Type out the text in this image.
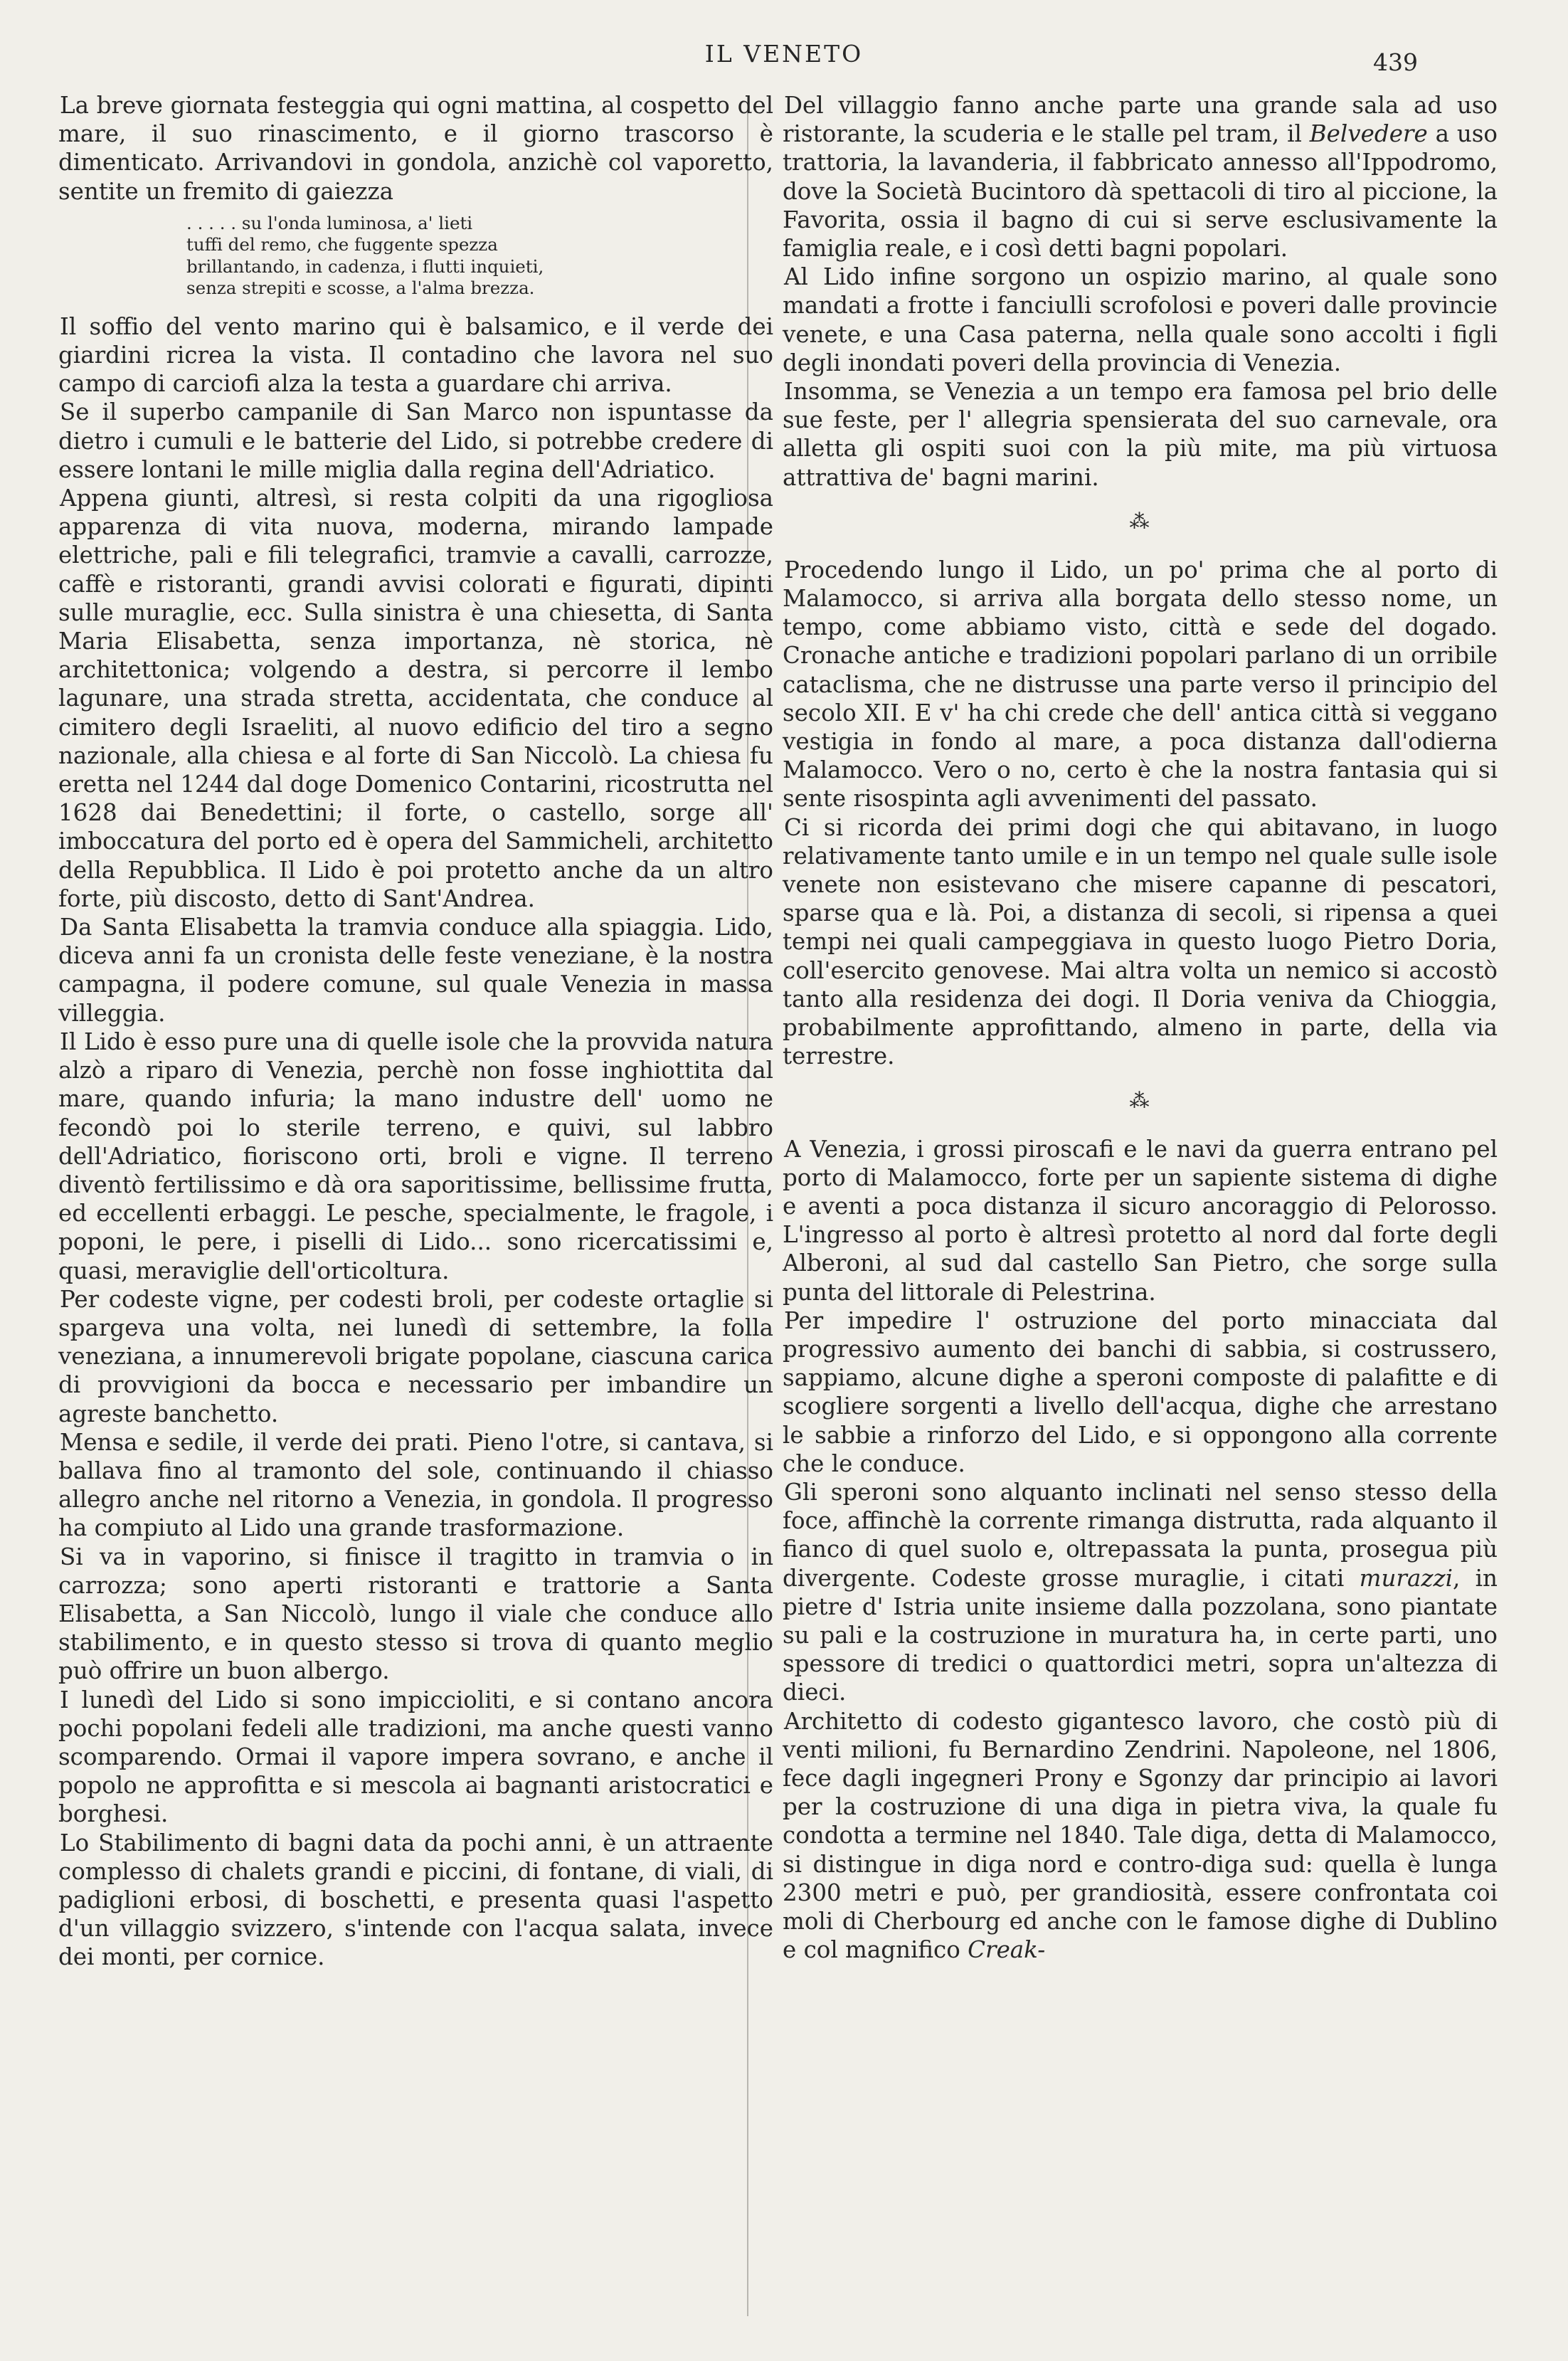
IL VENETO	439

La breve giornata festeggia qui ogni mattina, al cospetto del mare, il suo rinascimento, e il giorno trascorso è dimenticato. Arrivandovi in gondola, anzichè col vaporetto, sentite un fremito di gaiezza

. . . . . su l'onda luminosa, a' lieti
tuffi del remo, che fuggente spezza
brillantando, in cadenza, i flutti inquieti,
senza strepiti e scosse, a l'alma brezza.

Il soffio del vento marino qui è balsamico, e il verde dei giardini ricrea la vista. Il contadino che lavora nel suo campo di carciofi alza la testa a guardare chi arriva.

Se il superbo campanile di San Marco non ispuntasse da dietro i cumuli e le batterie del Lido, si potrebbe credere di essere lontani le mille miglia dalla regina dell'Adriatico.

Appena giunti, altresì, si resta colpiti da una rigogliosa apparenza di vita nuova, moderna, mirando lampade elettriche, pali e fili telegrafici, tramvie a cavalli, carrozze, caffè e ristoranti, grandi avvisi colorati e figurati, dipinti sulle muraglie, ecc. Sulla sinistra è una chiesetta, di Santa Maria Elisabetta, senza importanza, nè storica, nè architettonica; volgendo a destra, si percorre il lembo lagunare, una strada stretta, accidentata, che conduce al cimitero degli Israeliti, al nuovo edificio del tiro a segno nazionale, alla chiesa e al forte di San Niccolò. La chiesa fu eretta nel 1244 dal doge Domenico Contarini, ricostrutta nel 1628 dai Benedettini; il forte, o castello, sorge all' imboccatura del porto ed è opera del Sammicheli, architetto della Repubblica. Il Lido è poi protetto anche da un altro forte, più discosto, detto di Sant'Andrea.

Da Santa Elisabetta la tramvia conduce alla spiaggia. Lido, diceva anni fa un cronista delle feste veneziane, è la nostra campagna, il podere comune, sul quale Venezia in massa villeggia.

Il Lido è esso pure una di quelle isole che la provvida natura alzò a riparo di Venezia, perchè non fosse inghiottita dal mare, quando infuria; la mano industre dell' uomo ne fecondò poi lo sterile terreno, e quivi, sul labbro dell'Adriatico, fioriscono orti, broli e vigne. Il terreno diventò fertilissimo e dà ora saporitissime, bellissime frutta, ed eccellenti erbaggi. Le pesche, specialmente, le fragole, i poponi, le pere, i piselli di Lido... sono ricercatissimi e, quasi, meraviglie dell'orticoltura.

Per codeste vigne, per codesti broli, per codeste ortaglie si spargeva una volta, nei lunedì di settembre, la folla veneziana, a innumerevoli brigate popolane, ciascuna carica di provvigioni da bocca e necessario per imbandire un agreste banchetto.

Mensa e sedile, il verde dei prati. Pieno l'otre, si cantava, si ballava fino al tramonto del sole, continuando il chiasso allegro anche nel ritorno a Venezia, in gondola. Il progresso ha compiuto al Lido una grande trasformazione.

Si va in vaporino, si finisce il tragitto in tramvia o in carrozza; sono aperti ristoranti e trattorie a Santa Elisabetta, a San Niccolò, lungo il viale che conduce allo stabilimento, e in questo stesso si trova di quanto meglio può offrire un buon albergo.

I lunedì del Lido si sono impiccioliti, e si contano ancora pochi popolani fedeli alle tradizioni, ma anche questi vanno scomparendo. Ormai il vapore impera sovrano, e anche il popolo ne approfitta e si mescola ai bagnanti aristocratici e borghesi.

Lo Stabilimento di bagni data da pochi anni, è un attraente complesso di chalets grandi e piccini, di fontane, di viali, di padiglioni erbosi, di boschetti, e presenta quasi l'aspetto d'un villaggio svizzero, s'intende con l'acqua salata, invece dei monti, per cornice.

Del villaggio fanno anche parte una grande sala ad uso ristorante, la scuderia e le stalle pel tram, il Belvedere a uso trattoria, la lavanderia, il fabbricato annesso all'Ippodromo, dove la Società Bucintoro dà spettacoli di tiro al piccione, la Favorita, ossia il bagno di cui si serve esclusivamente la famiglia reale, e i così detti bagni popolari.

Al Lido infine sorgono un ospizio marino, al quale sono mandati a frotte i fanciulli scrofolosi e poveri dalle provincie venete, e una Casa paterna, nella quale sono accolti i figli degli inondati poveri della provincia di Venezia.

Insomma, se Venezia a un tempo era famosa pel brio delle sue feste, per l' allegria spensierata del suo carnevale, ora alletta gli ospiti suoi con la più mite, ma più virtuosa attrattiva de' bagni marini.

⁂

Procedendo lungo il Lido, un po' prima che al porto di Malamocco, si arriva alla borgata dello stesso nome, un tempo, come abbiamo visto, città e sede del dogado. Cronache antiche e tradizioni popolari parlano di un orribile cataclisma, che ne distrusse una parte verso il principio del secolo XII. E v' ha chi crede che dell' antica città si veggano vestigia in fondo al mare, a poca distanza dall'odierna Malamocco. Vero o no, certo è che la nostra fantasia qui si sente risospinta agli avvenimenti del passato.

Ci si ricorda dei primi dogi che qui abitavano, in luogo relativamente tanto umile e in un tempo nel quale sulle isole venete non esistevano che misere capanne di pescatori, sparse qua e là. Poi, a distanza di secoli, si ripensa a quei tempi nei quali campeggiava in questo luogo Pietro Doria, coll'esercito genovese. Mai altra volta un nemico si accostò tanto alla residenza dei dogi. Il Doria veniva da Chioggia, probabilmente approfittando, almeno in parte, della via terrestre.

⁂

A Venezia, i grossi piroscafi e le navi da guerra entrano pel porto di Malamocco, forte per un sapiente sistema di dighe e aventi a poca distanza il sicuro ancoraggio di Pelorosso. L'ingresso al porto è altresì protetto al nord dal forte degli Alberoni, al sud dal castello San Pietro, che sorge sulla punta del littorale di Pelestrina.

Per impedire l' ostruzione del porto minacciata dal progressivo aumento dei banchi di sabbia, si costrussero, sappiamo, alcune dighe a speroni composte di palafitte e di scogliere sorgenti a livello dell'acqua, dighe che arrestano le sabbie a rinforzo del Lido, e si oppongono alla corrente che le conduce.

Gli speroni sono alquanto inclinati nel senso stesso della foce, affinchè la corrente rimanga distrutta, rada alquanto il fianco di quel suolo e, oltrepassata la punta, prosegua più divergente. Codeste grosse muraglie, i citati murazzi, in pietre d' Istria unite insieme dalla pozzolana, sono piantate su pali e la costruzione in muratura ha, in certe parti, uno spessore di tredici o quattordici metri, sopra un'altezza di dieci.

Architetto di codesto gigantesco lavoro, che costò più di venti milioni, fu Bernardino Zendrini. Napoleone, nel 1806, fece dagli ingegneri Prony e Sgonzy dar principio ai lavori per la costruzione di una diga in pietra viva, la quale fu condotta a termine nel 1840. Tale diga, detta di Malamocco, si distingue in diga nord e contro-diga sud: quella è lunga 2300 metri e può, per grandiosità, essere confrontata coi moli di Cherbourg ed anche con le famose dighe di Dublino e col magnifico Creak-
